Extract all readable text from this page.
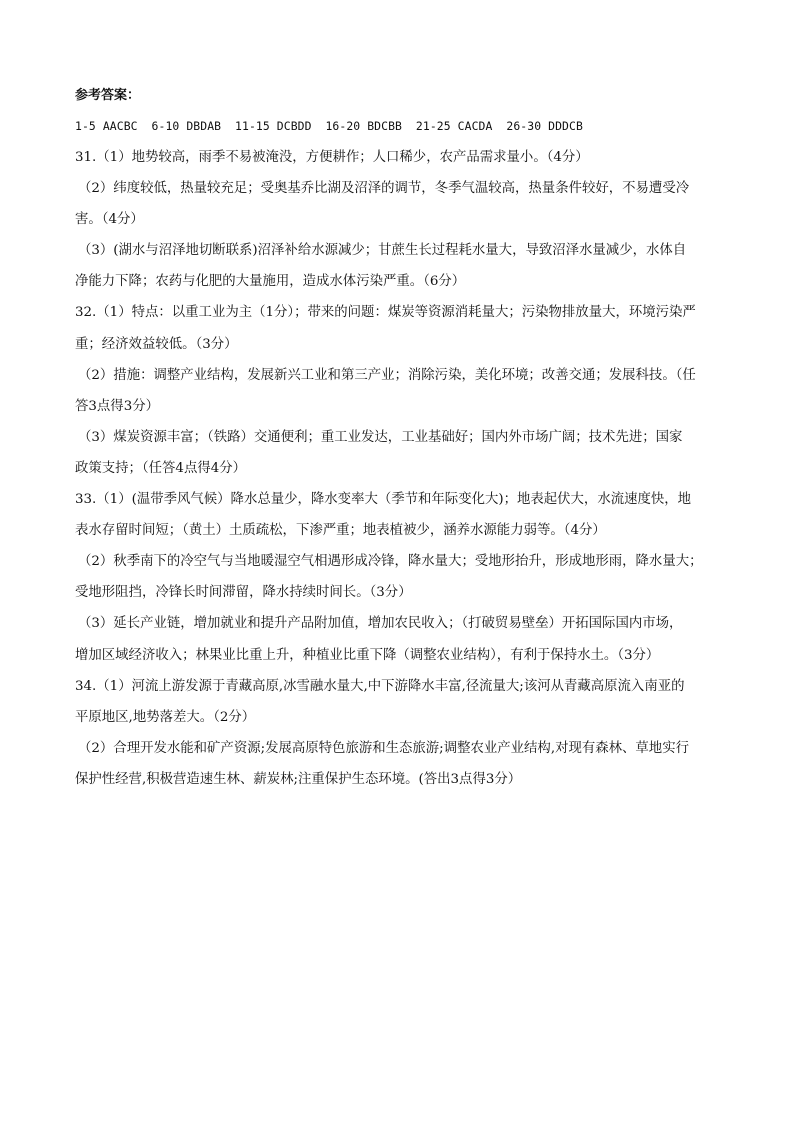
参考答案：
1-5 AACBC  6-10 DBDAB  11-15 DCBDD  16-20 BDCBB  21-25 CACDA  26-30 DDDCB
31.（1）地势较高，雨季不易被淹没，方便耕作；人口稀少，农产品需求量小。（4分）
（2）纬度较低，热量较充足；受奥基乔比湖及沼泽的调节，冬季气温较高，热量条件较好，不易遭受冷
害。（4分）
（3）(湖水与沼泽地切断联系)沼泽补给水源减少；甘蔗生长过程耗水量大，导致沼泽水量减少，水体自
净能力下降；农药与化肥的大量施用，造成水体污染严重。（6分）
32.（1）特点：以重工业为主（1分）；带来的问题：煤炭等资源消耗量大；污染物排放量大，环境污染严
重；经济效益较低。（3分）
（2）措施：调整产业结构，发展新兴工业和第三产业；消除污染，美化环境；改善交通；发展科技。（任
答3点得3分）
（3）煤炭资源丰富；（铁路）交通便利；重工业发达，工业基础好；国内外市场广阔；技术先进；国家
政策支持；（任答4点得4分）
33.（1）(温带季风气候）降水总量少，降水变率大（季节和年际变化大)；地表起伏大，水流速度快，地
表水存留时间短；（黄土）土质疏松，下渗严重；地表植被少，涵养水源能力弱等。（4分）
（2）秋季南下的冷空气与当地暖湿空气相遇形成冷锋，降水量大；受地形抬升，形成地形雨，降水量大；
受地形阻挡，冷锋长时间滞留，降水持续时间长。（3分）
（3）延长产业链，增加就业和提升产品附加值，增加农民收入；（打破贸易壁垒）开拓国际国内市场，
增加区域经济收入；林果业比重上升，种植业比重下降（调整农业结构），有利于保持水土。（3分）
34.（1）河流上游发源于青藏高原,冰雪融水量大,中下游降水丰富,径流量大;该河从青藏高原流入南亚的
平原地区,地势落差大。（2分）
（2）合理开发水能和矿产资源;发展高原特色旅游和生态旅游;调整农业产业结构,对现有森林、草地实行
保护性经营,积极营造速生林、薪炭林;注重保护生态环境。(答出3点得3分）
